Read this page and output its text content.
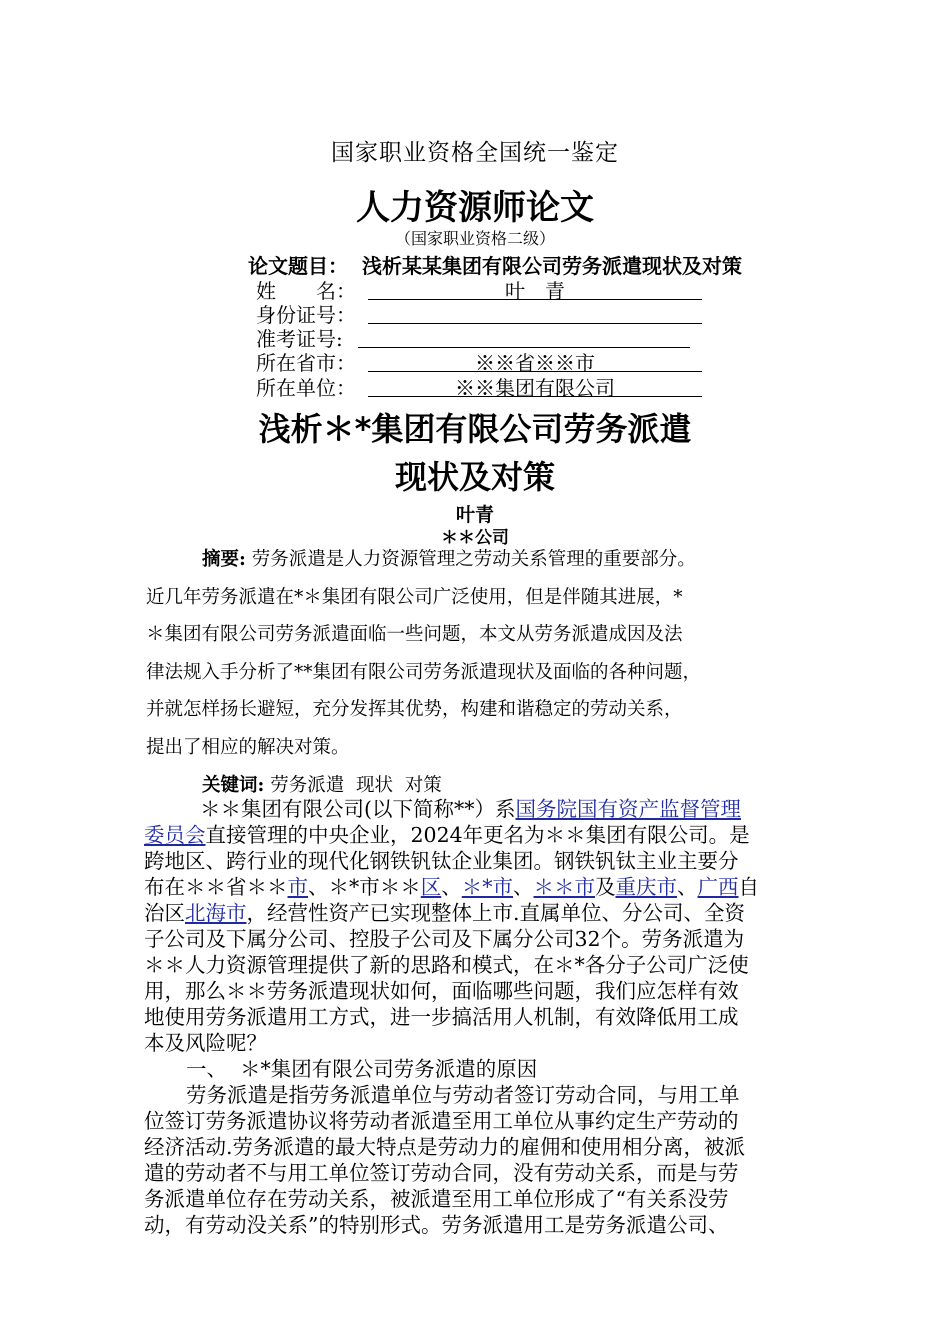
国家职业资格全国统一鉴定
人力资源师论文
（国家职业资格二级）
论文题目： 浅析某某集团有限公司劳务派遣现状及对策
姓　　名：	叶　青
身份证号：
准考证号:
所在省市：	※※省※※市
所在单位：	※※集团有限公司
浅析＊*集团有限公司劳务派遣
现状及对策
叶青
＊＊公司
摘要: 劳务派遣是人力资源管理之劳动关系管理的重要部分。
近几年劳务派遣在*＊集团有限公司广泛使用，但是伴随其进展，*
＊集团有限公司劳务派遣面临一些问题，本文从劳务派遣成因及法
律法规入手分析了**集团有限公司劳务派遣现状及面临的各种问题，
并就怎样扬长避短，充分发挥其优势，构建和谐稳定的劳动关系，
提出了相应的解决对策。
关键词: 劳务派遣  现状  对策
＊＊集团有限公司(以下简称**）系国务院国有资产监督管理
委员会直接管理的中央企业，2024年更名为＊＊集团有限公司。是
跨地区、跨行业的现代化钢铁钒钛企业集团。钢铁钒钛主业主要分
布在＊＊省＊＊市、＊*市＊＊区、＊*市、＊＊市及重庆市、广西自
治区北海市，经营性资产已实现整体上市.直属单位、分公司、全资
子公司及下属分公司、控股子公司及下属分公司32个。劳务派遣为
＊＊人力资源管理提供了新的思路和模式，在＊*各分子公司广泛使
用，那么＊＊劳务派遣现状如何，面临哪些问题，我们应怎样有效
地使用劳务派遣用工方式，进一步搞活用人机制，有效降低用工成
本及风险呢？
一、  ＊*集团有限公司劳务派遣的原因
劳务派遣是指劳务派遣单位与劳动者签订劳动合同，与用工单
位签订劳务派遣协议将劳动者派遣至用工单位从事约定生产劳动的
经济活动.劳务派遣的最大特点是劳动力的雇佣和使用相分离，被派
遣的劳动者不与用工单位签订劳动合同，没有劳动关系，而是与劳
务派遣单位存在劳动关系，被派遣至用工单位形成了“有关系没劳
动，有劳动没关系”的特别形式。劳务派遣用工是劳务派遣公司、
